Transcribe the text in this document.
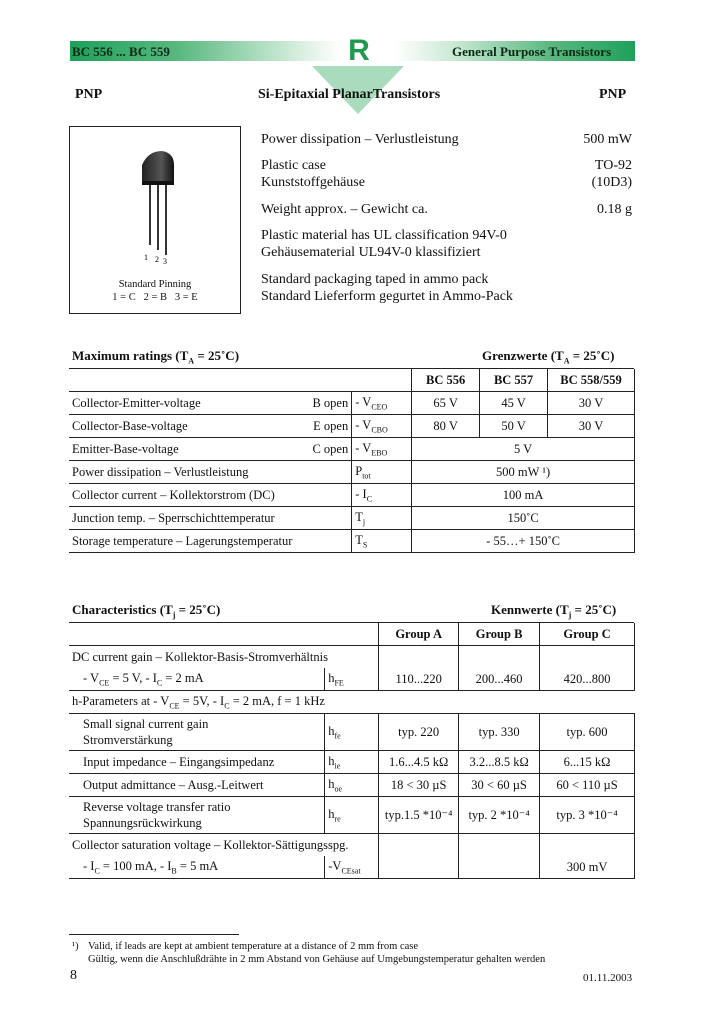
BC 556 ... BC 559	R	General Purpose Transistors
PNP	Si-Epitaxial PlanarTransistors	PNP
1 2 3
Standard Pinning
1 = C   2 = B   3 = E
Power dissipation – Verlustleistung	500 mW
Plastic case	TO-92
Kunststoffgehäuse	(10D3)
Weight approx. – Gewicht ca.	0.18 g
Plastic material has UL classification 94V-0
Gehäusematerial UL94V-0 klassifiziert
Standard packaging taped in ammo pack
Standard Lieferform gegurtet in Ammo-Pack
Maximum ratings ($T_A$ = 25˚C)	Grenzwerte ($T_A$ = 25˚C)
			BC 556	BC 557	BC 558/559
Collector-Emitter-voltage	B open	- $V_{CEO}$	65 V	45 V	30 V
Collector-Base-voltage	E open	- $V_{CBO}$	80 V	50 V	30 V
Emitter-Base-voltage	C open	- $V_{EBO}$	5 V		
Power dissipation – Verlustleistung		$P_{tot}$	500 mW ¹)		
Collector current – Kollektorstrom (DC)		- $I_C$	100 mA		
Junction temp. – Sperrschichttemperatur		$T_j$	150˚C		
Storage temperature – Lagerungstemperatur		$T_S$	- 55…+ 150˚C		
Characteristics ($T_j$ = 25˚C)	Kennwerte ($T_j$ = 25˚C)
		Group A	Group B	Group C
DC current gain – Kollektor-Basis-Stromverhältnis				
- $V_{CE} = 5$ V, - $I_C = 2$ mA	$h_{FE}$	110...220	200...460	420...800
h-Parameters at - $V_{CE} = 5V$, - $I_C = 2$ mA, f = 1 kHz				
Small signal current gain
Stromverstärkung	$h_{fe}$	typ. 220	typ. 330	typ. 600
Input impedance – Eingangsimpedanz	$h_{ie}$	1.6...4.5 kΩ	3.2...8.5 kΩ	6...15 kΩ
Output admittance – Ausg.-Leitwert	$h_{oe}$	18 < 30 µS	30 < 60 µS	60 < 110 µS
Reverse voltage transfer ratio
Spannungsrückwirkung	$h_{re}$	typ.1.5 *10⁻⁴	typ. 2 *10⁻⁴	typ. 3 *10⁻⁴
Collector saturation voltage – Kollektor-Sättigungsspg.				
- $I_C = 100$ mA, - $I_B = 5$ mA	$-V_{CEsat}$			300 mV
¹) Valid, if leads are kept at ambient temperature at a distance of 2 mm from case
Gültig, wenn die Anschlußdrähte in 2 mm Abstand von Gehäuse auf Umgebungstemperatur gehalten werden
8	01.11.2003
